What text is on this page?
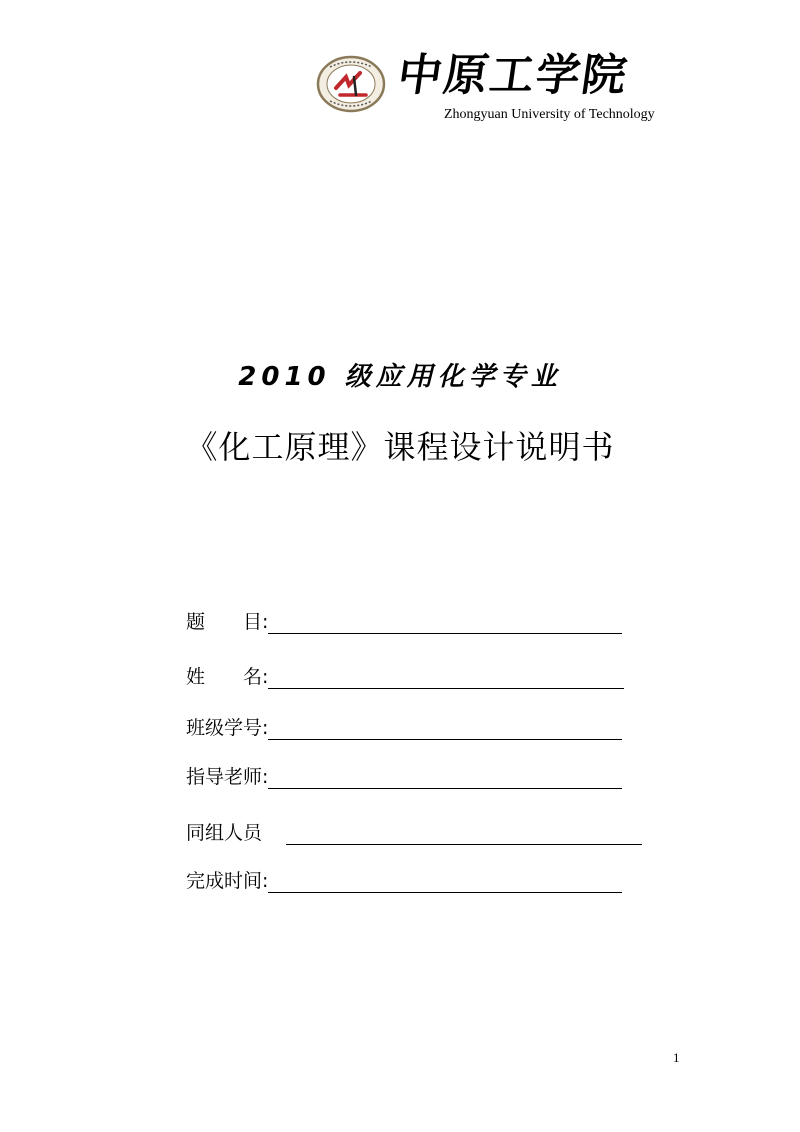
中原工学院
Zhongyuan University of Technology
2010 级应用化学专业
《化工原理》课程设计说明书
题　　目 :
姓　　名 :
班级学号 :
指导老师 :
同组人员
完成时间 :
1
